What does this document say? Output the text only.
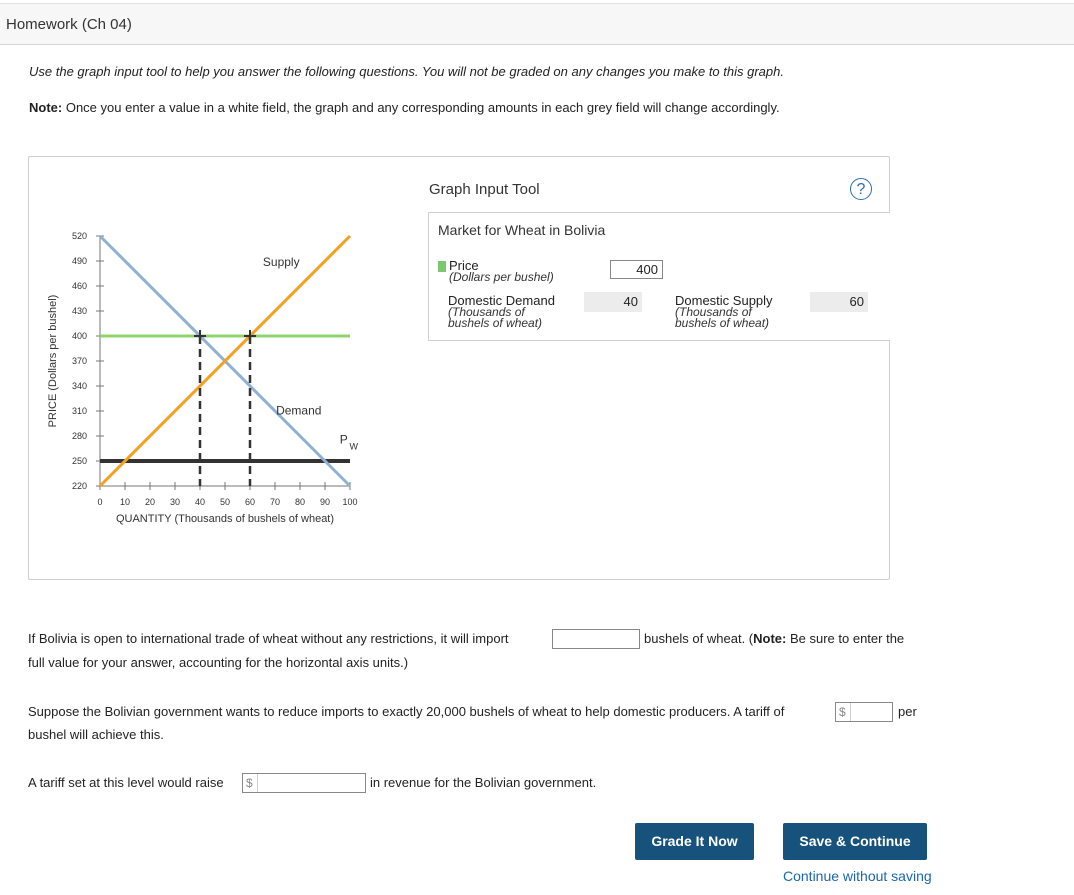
Homework (Ch 04)
Use the graph input tool to help you answer the following questions. You will not be graded on any changes you make to this graph.
Note: Once you enter a value in a white field, the graph and any corresponding amounts in each grey field will change accordingly.
220
250
280
310
340
370
400
430
460
490
520
0 10 20 30 40 50 60 70 80 90 100
QUANTITY (Thousands of bushels of wheat)
PRICE (Dollars per bushel)
Supply
Demand
P W
Graph Input Tool	?
Market for Wheat in Bolivia
Price
(Dollars per bushel)	400
Domestic Demand
(Thousands of
bushels of wheat)
40	Domestic Supply
(Thousands of
bushels of wheat)
60
If Bolivia is open to international trade of wheat without any restrictions, it will import	bushels of wheat. (Note: Be sure to enter the
full value for your answer, accounting for the horizontal axis units.)
Suppose the Bolivian government wants to reduce imports to exactly 20,000 bushels of wheat to help domestic producers. A tariff of	$	per
bushel will achieve this.
A tariff set at this level would raise $	in revenue for the Bolivian government.
Grade It Now	Save & Continue
Continue without saving
